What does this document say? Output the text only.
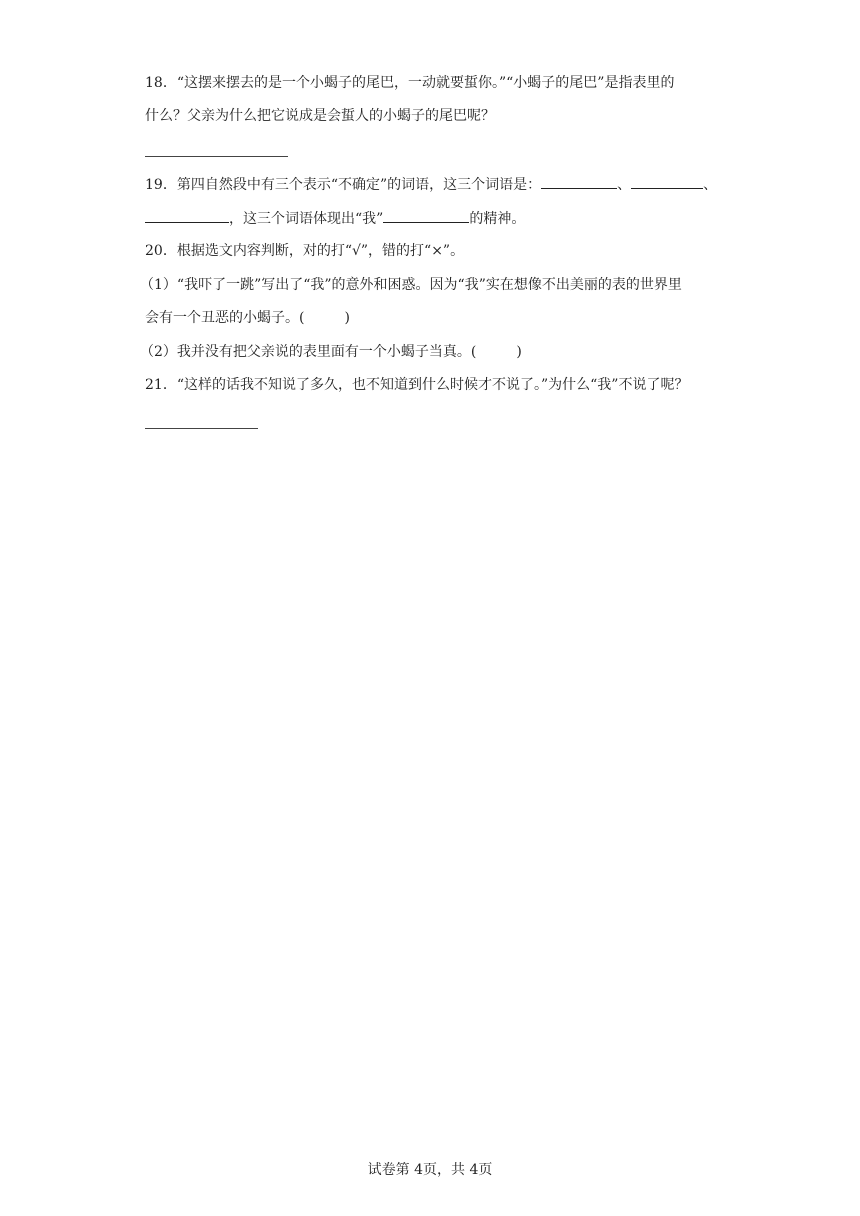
18．“这摆来摆去的是一个小蝎子的尾巴，一动就要蜇你。”“小蝎子的尾巴”是指表里的
什么？父亲为什么把它说成是会蜇人的小蝎子的尾巴呢？
19．第四自然段中有三个表示“不确定”的词语，这三个词语是：	、	、
，这三个词语体现出“我”	的精神。
20．根据选文内容判断，对的打“√”，错的打“×”。
（1）“我吓了一跳”写出了“我”的意外和困惑。因为“我”实在想像不出美丽的表的世界里
会有一个丑恶的小蝎子。(	)
（2）我并没有把父亲说的表里面有一个小蝎子当真。(	)
21．“这样的话我不知说了多久，也不知道到什么时候才不说了。”为什么“我”不说了呢？
试卷第 4页，共 4页
